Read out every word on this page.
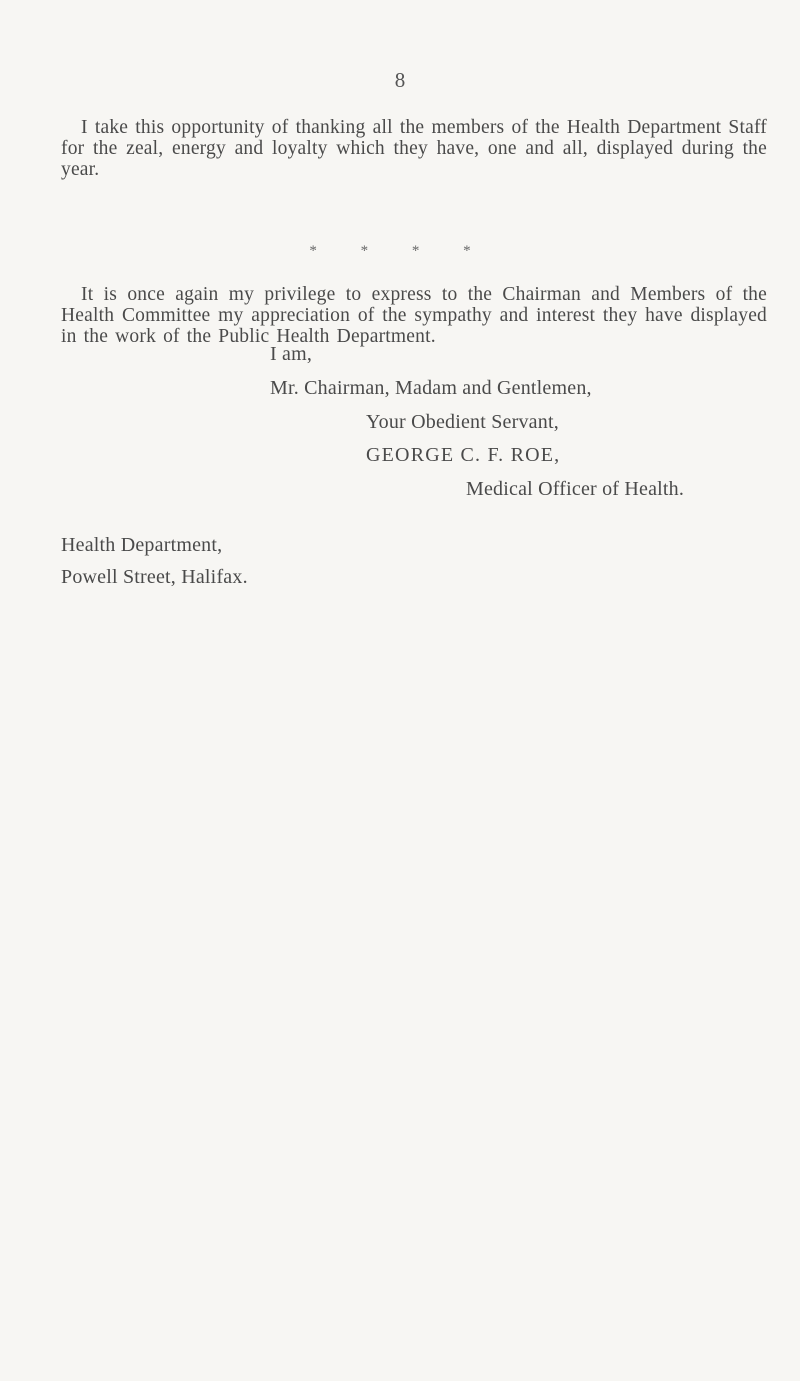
8

I take this opportunity of thanking all the members of the Health Department Staff for the zeal, energy and loyalty which they have, one and all, displayed during the year.

* * * *

It is once again my privilege to express to the Chairman and Members of the Health Committee my appreciation of the sympathy and interest they have displayed in the work of the Public Health Department.

I am,
Mr. Chairman, Madam and Gentlemen,
Your Obedient Servant,
GEORGE C. F. ROE,
Medical Officer of Health.
Health Department,
Powell Street, Halifax.
